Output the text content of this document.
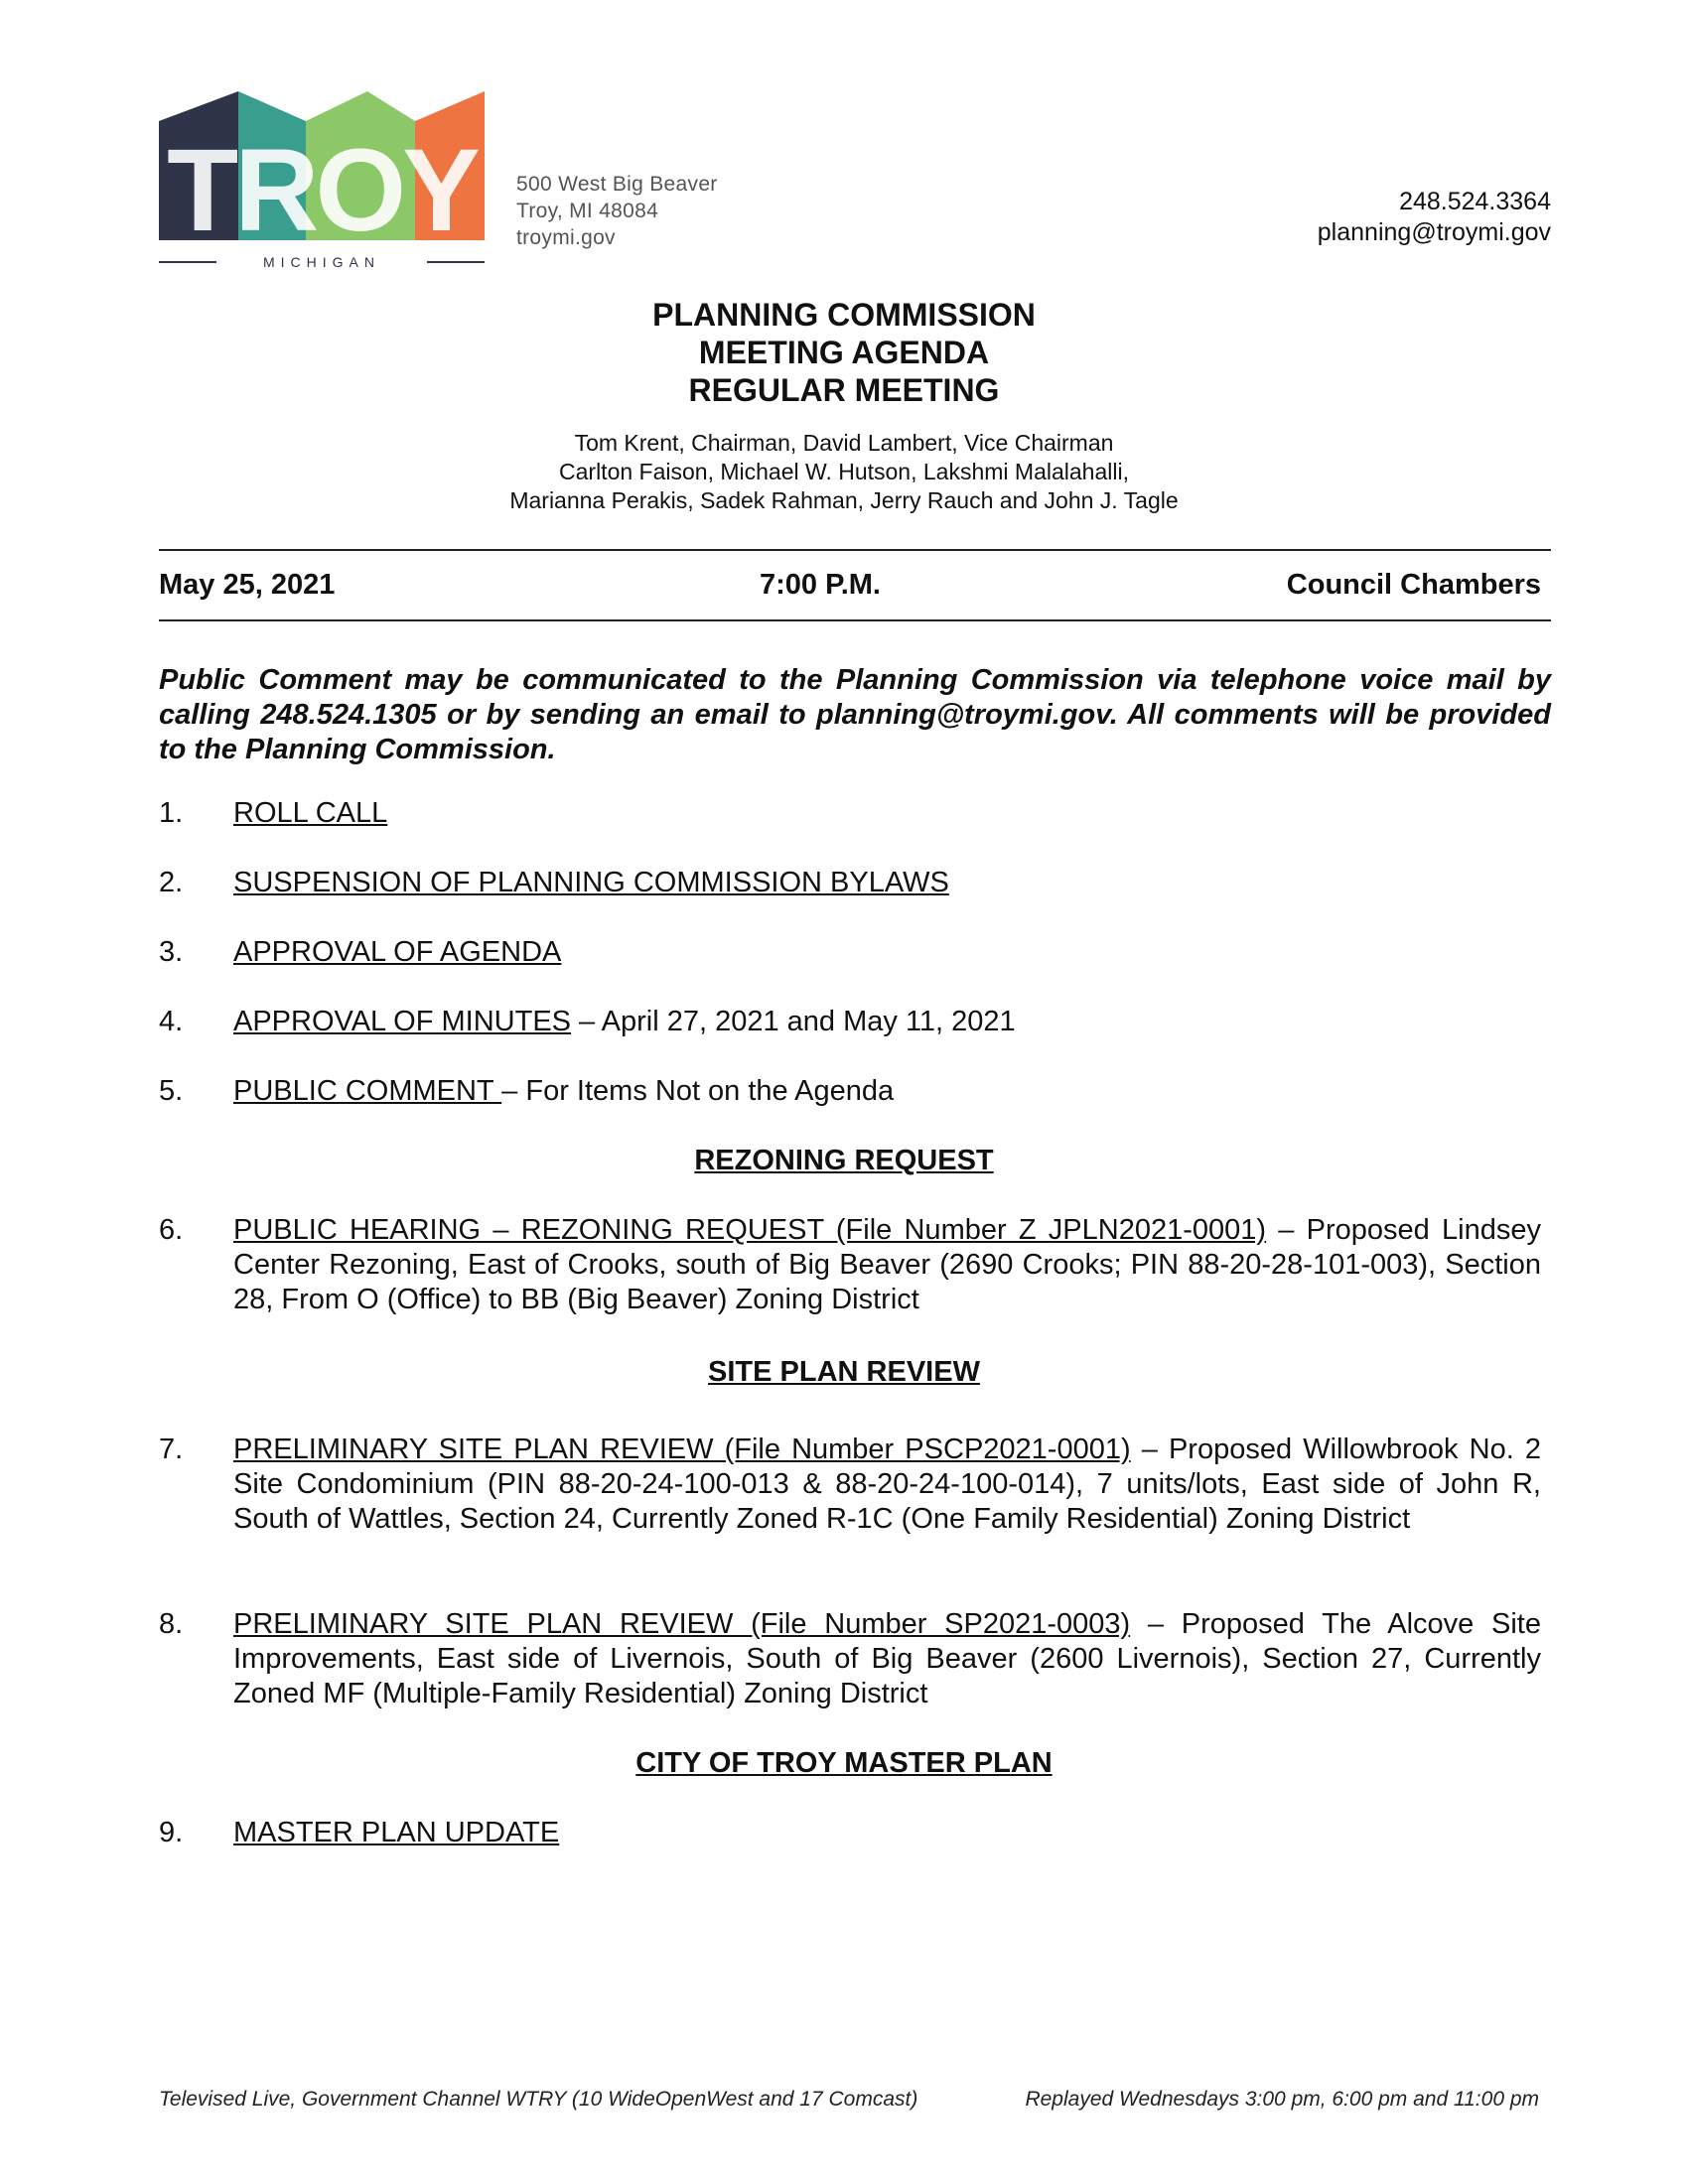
TROY
MICHIGAN
500 West Big Beaver
Troy, MI 48084
troymi.gov
248.524.3364
planning@troymi.gov
PLANNING COMMISSION
MEETING AGENDA
REGULAR MEETING
Tom Krent, Chairman, David Lambert, Vice Chairman
Carlton Faison, Michael W. Hutson, Lakshmi Malalahalli,
Marianna Perakis, Sadek Rahman, Jerry Rauch and John J. Tagle
May 25, 2021	7:00 P.M.	Council Chambers
Public Comment may be communicated to the Planning Commission via telephone voice mail by calling 248.524.1305 or by sending an email to planning@troymi.gov. All comments will be provided to the Planning Commission.
1. ROLL CALL
2. SUSPENSION OF PLANNING COMMISSION BYLAWS
3. APPROVAL OF AGENDA
4. APPROVAL OF MINUTES – April 27, 2021 and May 11, 2021
5. PUBLIC COMMENT – For Items Not on the Agenda
REZONING REQUEST
6. PUBLIC HEARING – REZONING REQUEST (File Number Z JPLN2021-0001) – Proposed Lindsey Center Rezoning, East of Crooks, south of Big Beaver (2690 Crooks; PIN 88-20-28-101-003), Section 28, From O (Office) to BB (Big Beaver) Zoning District
SITE PLAN REVIEW
7. PRELIMINARY SITE PLAN REVIEW (File Number PSCP2021-0001) – Proposed Willowbrook No. 2 Site Condominium (PIN 88-20-24-100-013 & 88-20-24-100-014), 7 units/lots, East side of John R, South of Wattles, Section 24, Currently Zoned R-1C (One Family Residential) Zoning District
8. PRELIMINARY SITE PLAN REVIEW (File Number SP2021-0003) – Proposed The Alcove Site Improvements, East side of Livernois, South of Big Beaver (2600 Livernois), Section 27, Currently Zoned MF (Multiple-Family Residential) Zoning District
CITY OF TROY MASTER PLAN
9. MASTER PLAN UPDATE
Televised Live, Government Channel WTRY (10 WideOpenWest and 17 Comcast)	Replayed Wednesdays 3:00 pm, 6:00 pm and 11:00 pm
